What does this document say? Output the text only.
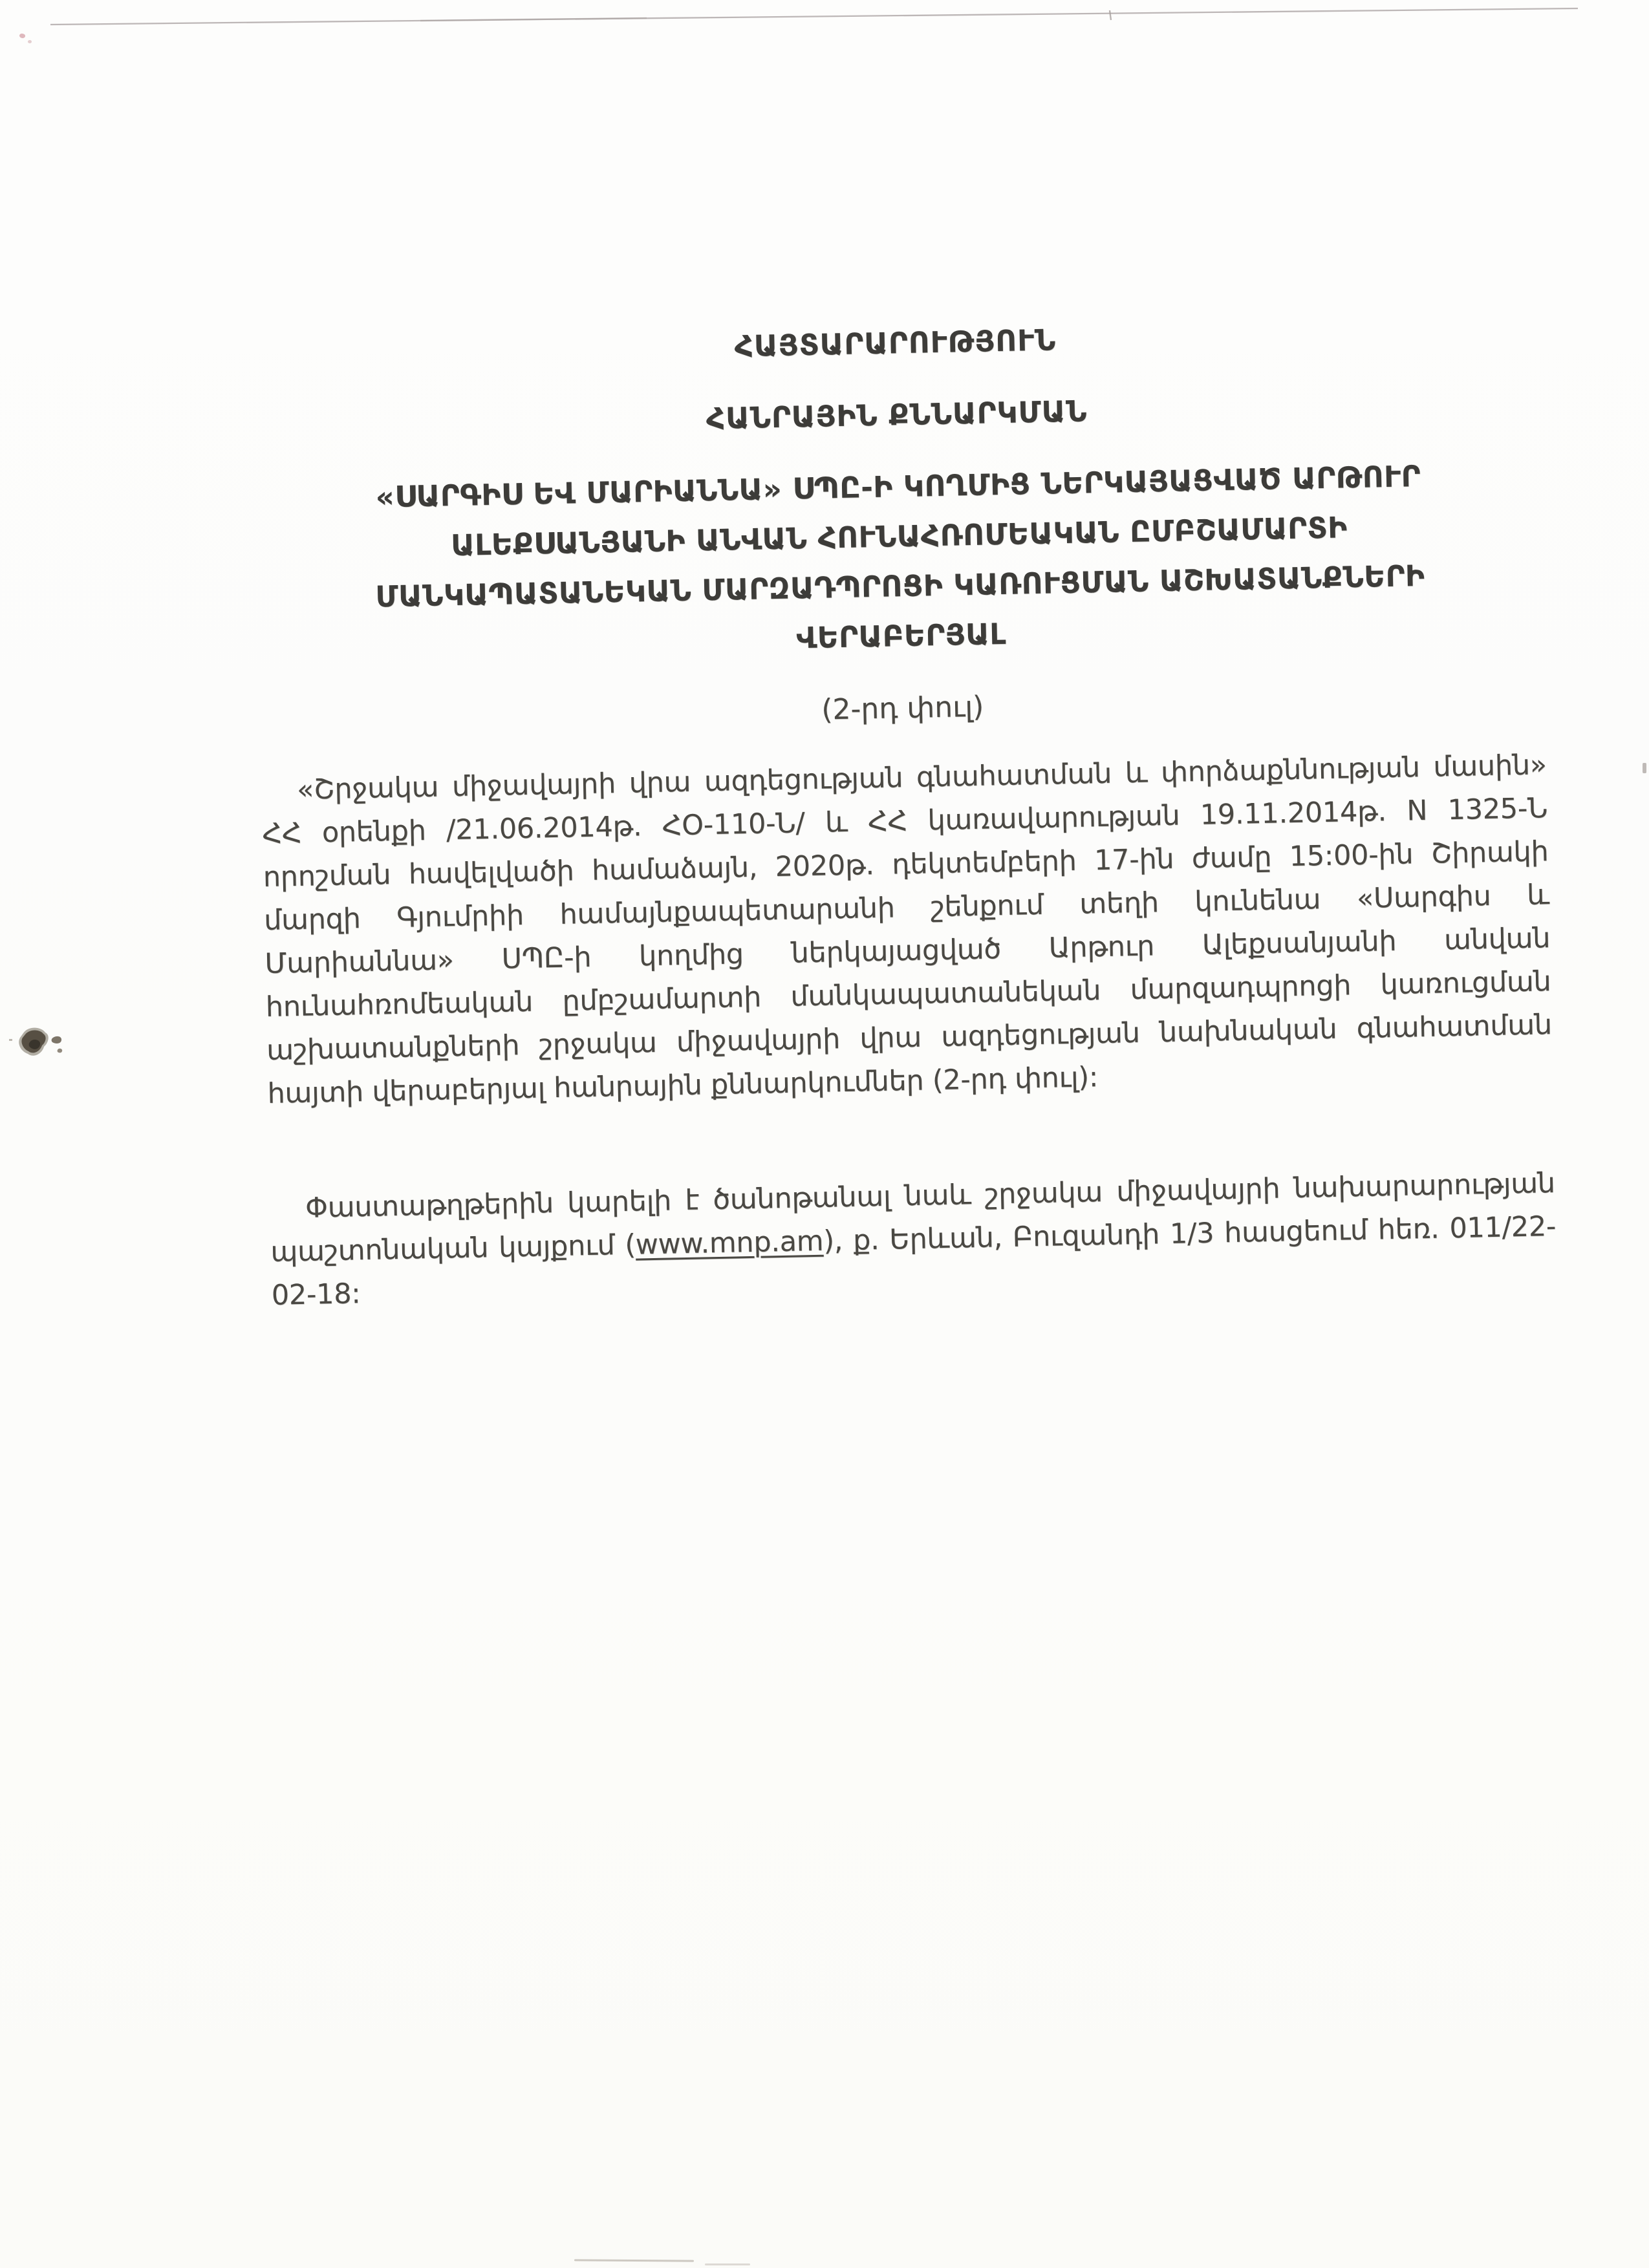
ՀԱՅՏԱՐԱՐՈՒԹՅՈՒՆ
ՀԱՆՐԱՅԻՆ ՔՆՆԱՐԿՄԱՆ
«ՍԱՐԳԻՍ ԵՎ ՄԱՐԻԱՆՆԱ» ՍՊԸ-Ի ԿՈՂՄԻՑ ՆԵՐԿԱՅԱՑՎԱԾ ԱՐԹՈՒՐ
ԱԼԵՔՍԱՆՅԱՆԻ ԱՆՎԱՆ ՀՈՒՆԱՀՌՈՄԵԱԿԱՆ ԸՄԲՇԱՄԱՐՏԻ
ՄԱՆԿԱՊԱՏԱՆԵԿԱՆ ՄԱՐԶԱԴՊՐՈՑԻ ԿԱՌՈՒՑՄԱՆ ԱՇԽԱՏԱՆՔՆԵՐԻ
ՎԵՐԱԲԵՐՅԱԼ
(2-րդ փուլ)
«Շրջակա միջավայրի վրա ազդեցության գնահատման և փորձաքննության մասին»
ՀՀ օրենքի /21.06.2014թ. ՀՕ-110-Ն/ և ՀՀ կառավարության 19.11.2014թ. N 1325-Ն
որոշման հավելվածի համաձայն, 2020թ. դեկտեմբերի 17-ին ժամը 15:00-ին Շիրակի
մարզի Գյումրիի համայնքապետարանի շենքում տեղի կունենա «Սարգիս և
Մարիաննա» ՍՊԸ-ի կողմից ներկայացված Արթուր Ալեքսանյանի անվան
հունահռոմեական ըմբշամարտի մանկապատանեկան մարզադպրոցի կառուցման
աշխատանքների շրջակա միջավայրի վրա ազդեցության նախնական գնահատման
հայտի վերաբերյալ հանրային քննարկումներ (2-րդ փուլ):
Փաստաթղթերին կարելի է ծանոթանալ նաև շրջակա միջավայրի նախարարության
պաշտոնական կայքում (www.mnp.am), ք. Երևան, Բուզանդի 1/3 հասցեում հեռ. 011/22-
02-18:
